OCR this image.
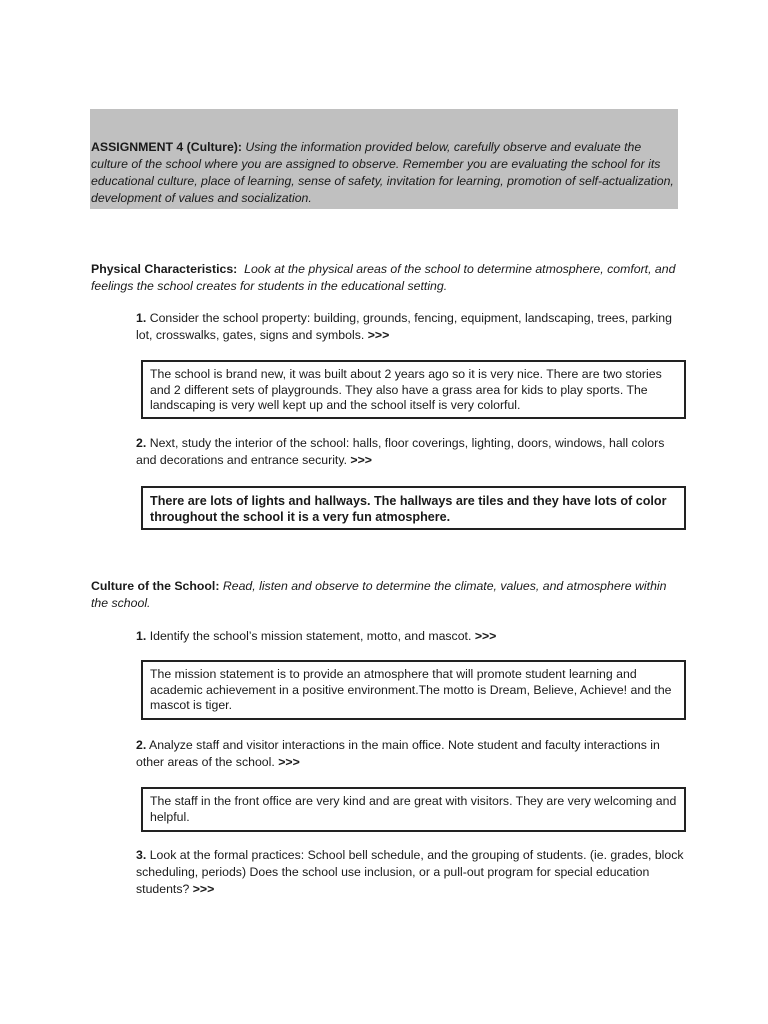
ASSIGNMENT 4 (Culture): Using the information provided below, carefully observe and evaluate the culture of the school where you are assigned to observe. Remember you are evaluating the school for its educational culture, place of learning, sense of safety, invitation for learning, promotion of self-actualization, development of values and socialization.
Physical Characteristics: Look at the physical areas of the school to determine atmosphere, comfort, and feelings the school creates for students in the educational setting.
1. Consider the school property: building, grounds, fencing, equipment, landscaping, trees, parking lot, crosswalks, gates, signs and symbols. >>>
The school is brand new, it was built about 2 years ago so it is very nice. There are two stories and 2 different sets of playgrounds. They also have a grass area for kids to play sports. The landscaping is very well kept up and the school itself is very colorful.
2. Next, study the interior of the school: halls, floor coverings, lighting, doors, windows, hall colors and decorations and entrance security. >>>
There are lots of lights and hallways. The hallways are tiles and they have lots of color throughout the school it is a very fun atmosphere.
Culture of the School: Read, listen and observe to determine the climate, values, and atmosphere within the school.
1. Identify the school’s mission statement, motto, and mascot. >>>
The mission statement is to provide an atmosphere that will promote student learning and academic achievement in a positive environment.The motto is Dream, Believe, Achieve! and the mascot is tiger.
2. Analyze staff and visitor interactions in the main office. Note student and faculty interactions in other areas of the school. >>>
The staff in the front office are very kind and are great with visitors. They are very welcoming and helpful.
3. Look at the formal practices: School bell schedule, and the grouping of students. (ie. grades, block scheduling, periods) Does the school use inclusion, or a pull-out program for special education students? >>>
